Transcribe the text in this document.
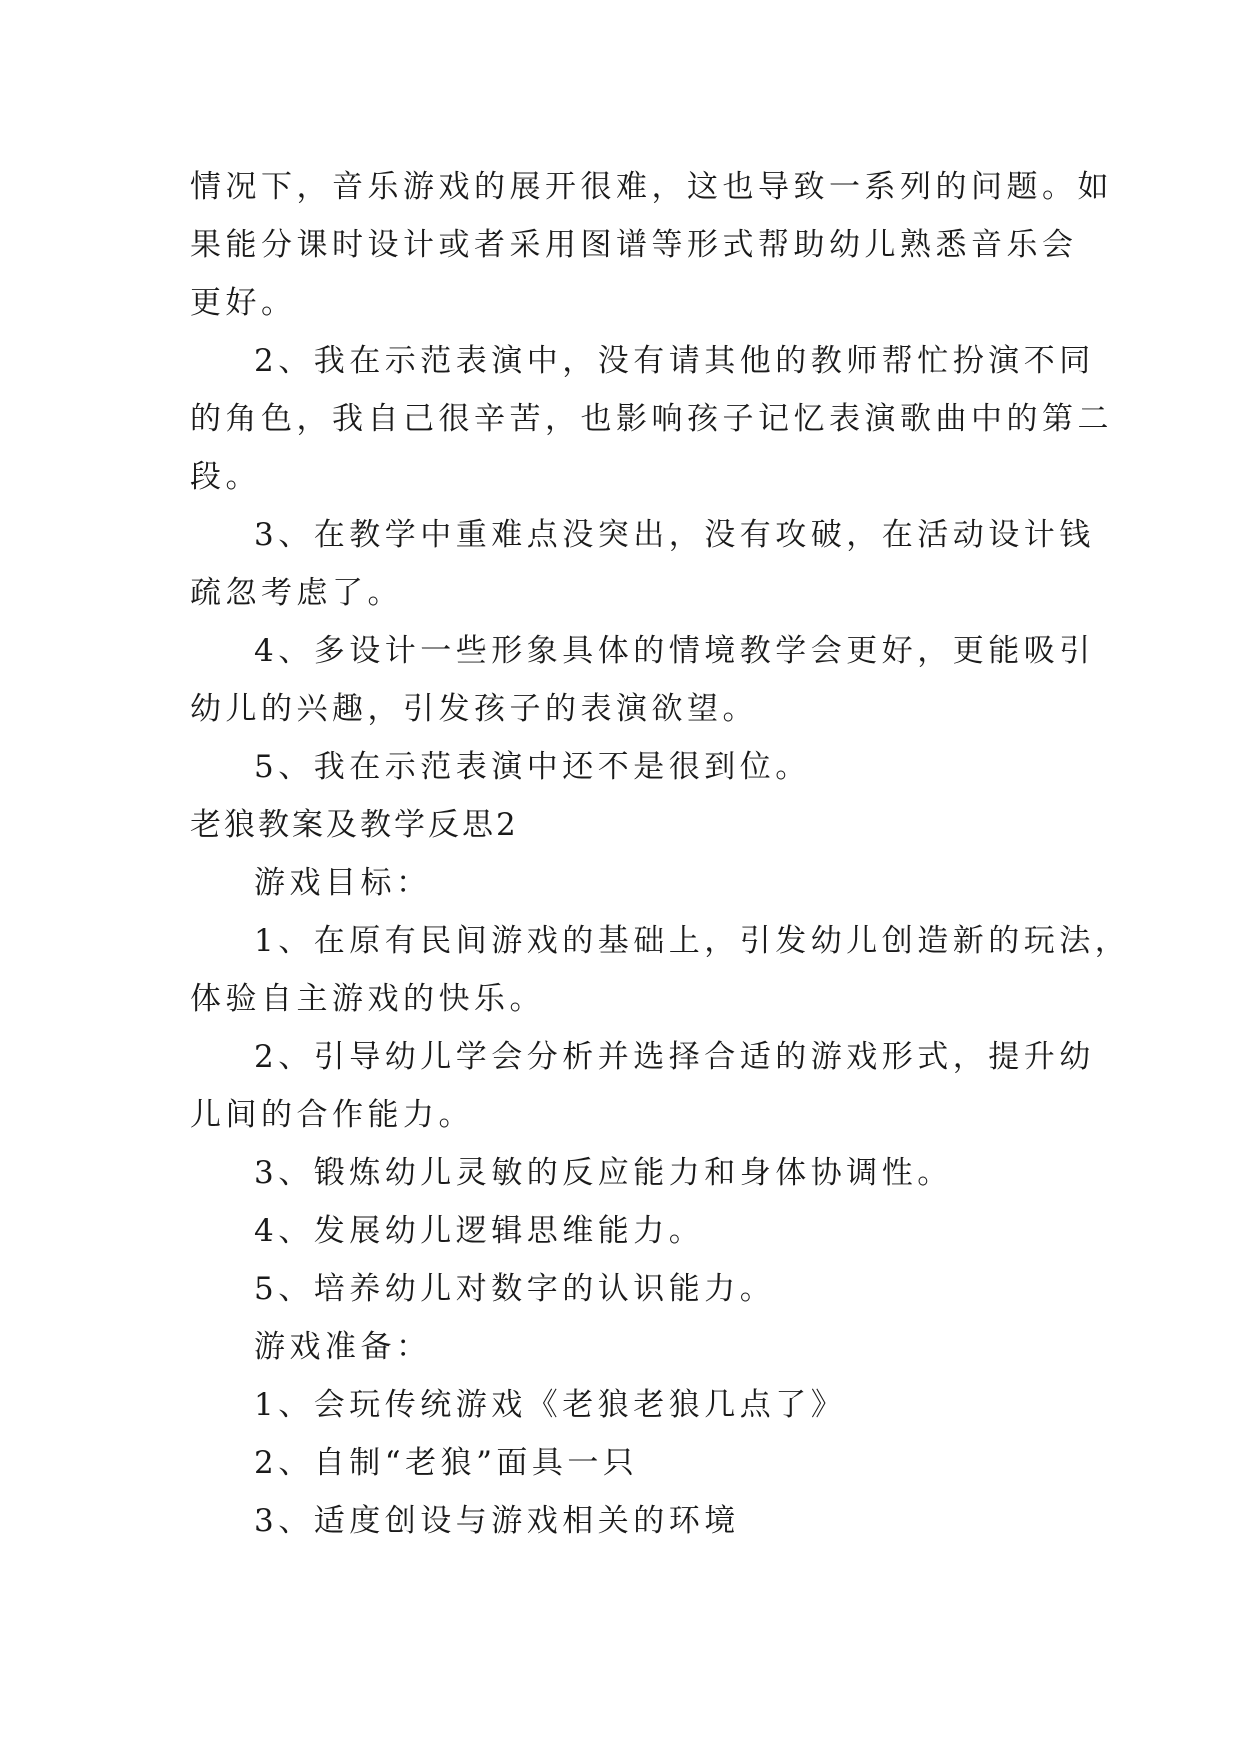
情况下，音乐游戏的展开很难，这也导致一系列的问题。如
果能分课时设计或者采用图谱等形式帮助幼儿熟悉音乐会
更好。
2、我在示范表演中，没有请其他的教师帮忙扮演不同
的角色，我自己很辛苦，也影响孩子记忆表演歌曲中的第二
段。
3、在教学中重难点没突出，没有攻破，在活动设计钱
疏忽考虑了。
4、多设计一些形象具体的情境教学会更好，更能吸引
幼儿的兴趣，引发孩子的表演欲望。
5、我在示范表演中还不是很到位。
老狼教案及教学反思2
游戏目标：
1、在原有民间游戏的基础上，引发幼儿创造新的玩法，
体验自主游戏的快乐。
2、引导幼儿学会分析并选择合适的游戏形式，提升幼
儿间的合作能力。
3、锻炼幼儿灵敏的反应能力和身体协调性。
4、发展幼儿逻辑思维能力。
5、培养幼儿对数字的认识能力。
游戏准备：
1、会玩传统游戏《老狼老狼几点了》
2、自制“老狼”面具一只
3、适度创设与游戏相关的环境
